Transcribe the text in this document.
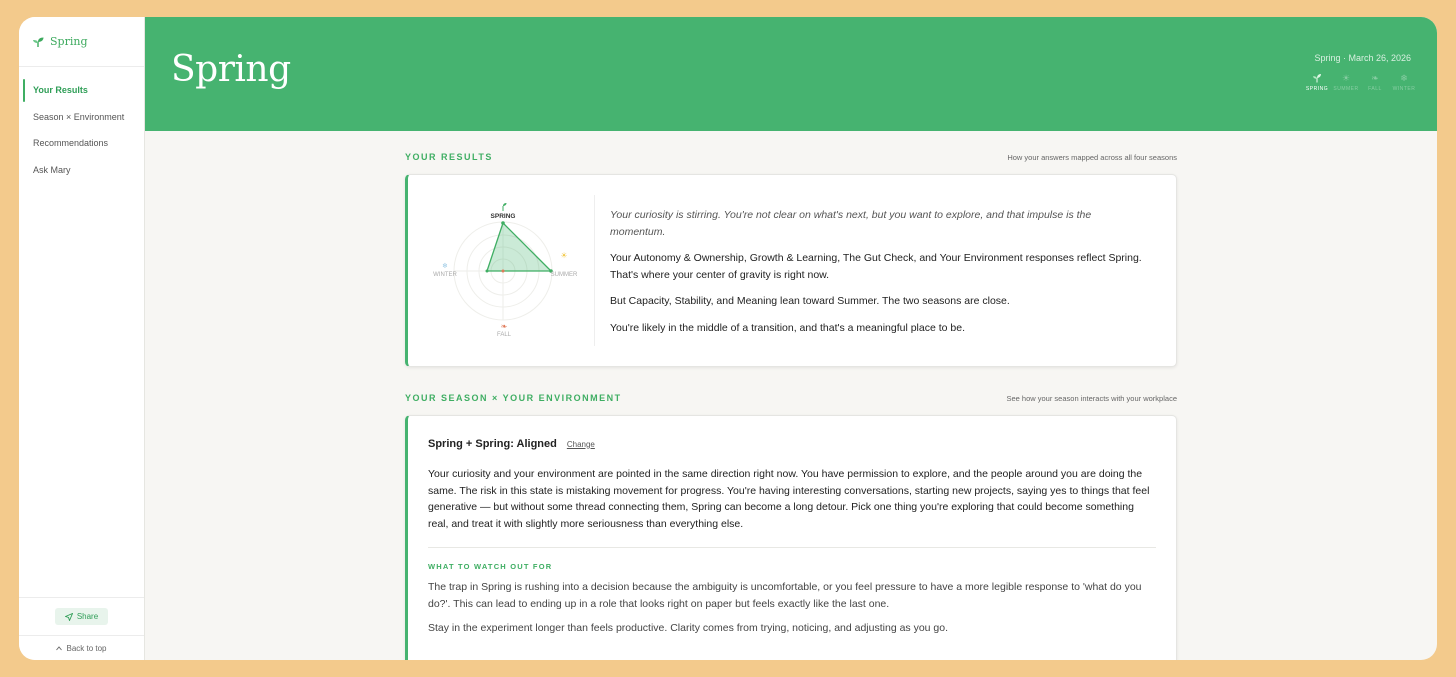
Spring
Your Results
Season × Environment
Recommendations
Ask Mary
Share
Back to top
Spring	Spring · March 26, 2026
SPRING
☀
SUMMER
❧
FALL
❄
WINTER
YOUR RESULTS	How your answers mapped across all four seasons
SPRING
☀
SUMMER
❧
FALL
❄
WINTER

Your curiosity is stirring. You're not clear on what's next, but you want to explore, and that impulse is the momentum.

Your Autonomy & Ownership, Growth & Learning, The Gut Check, and Your Environment responses reflect Spring. That's where your center of gravity is right now.

But Capacity, Stability, and Meaning lean toward Summer. The two seasons are close.

You're likely in the middle of a transition, and that's a meaningful place to be.

YOUR SEASON × YOUR ENVIRONMENT	See how your season interacts with your workplace
Spring + Spring: Aligned Change

Your curiosity and your environment are pointed in the same direction right now. You have permission to explore, and the people around you are doing the same. The risk in this state is mistaking movement for progress. You're having interesting conversations, starting new projects, saying yes to things that feel generative — but without some thread connecting them, Spring can become a long detour. Pick one thing you're exploring that could become something real, and treat it with slightly more seriousness than everything else.

WHAT TO WATCH OUT FOR

The trap in Spring is rushing into a decision because the ambiguity is uncomfortable, or you feel pressure to have a more legible response to 'what do you do?'. This can lead to ending up in a role that looks right on paper but feels exactly like the last one.

Stay in the experiment longer than feels productive. Clarity comes from trying, noticing, and adjusting as you go.
